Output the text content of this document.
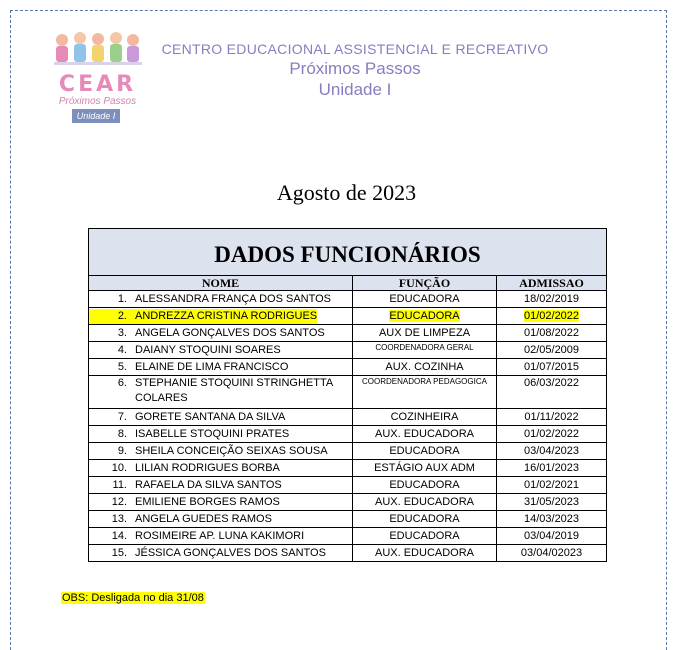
CEAR
Próximos Passos
Unidade I
CENTRO EDUCACIONAL ASSISTENCIAL E RECREATIVO
Próximos Passos
Unidade I
Agosto de 2023
DADOS FUNCIONÁRIOS		
NOME	FUNÇÃO	ADMISSAO
1. ALESSANDRA FRANÇA DOS SANTOS	EDUCADORA	18/02/2019
2. ANDREZZA CRISTINA RODRIGUES	EDUCADORA	01/02/2022
3. ANGELA GONÇALVES DOS SANTOS	AUX DE LIMPEZA	01/08/2022
4. DAIANY STOQUINI SOARES	COORDENADORA GERAL	02/05/2009
5. ELAINE DE LIMA FRANCISCO	AUX. COZINHA	01/07/2015
6. STEPHANIE STOQUINI STRINGHETTA COLARES	COORDENADORA PEDAGOGICA	06/03/2022
7. GORETE SANTANA DA SILVA	COZINHEIRA	01/11/2022
8. ISABELLE STOQUINI PRATES	AUX. EDUCADORA	01/02/2022
9. SHEILA CONCEIÇÃO SEIXAS SOUSA	EDUCADORA	03/04/2023
10. LILIAN RODRIGUES BORBA	ESTÁGIO AUX ADM	16/01/2023
11. RAFAELA DA SILVA SANTOS	EDUCADORA	01/02/2021
12. EMILIENE BORGES RAMOS	AUX. EDUCADORA	31/05/2023
13. ANGELA GUEDES RAMOS	EDUCADORA	14/03/2023
14. ROSIMEIRE AP. LUNA KAKIMORI	EDUCADORA	03/04/2019
15. JÉSSICA GONÇALVES DOS SANTOS	AUX. EDUCADORA	03/04/02023
OBS: Desligada no dia 31/08
